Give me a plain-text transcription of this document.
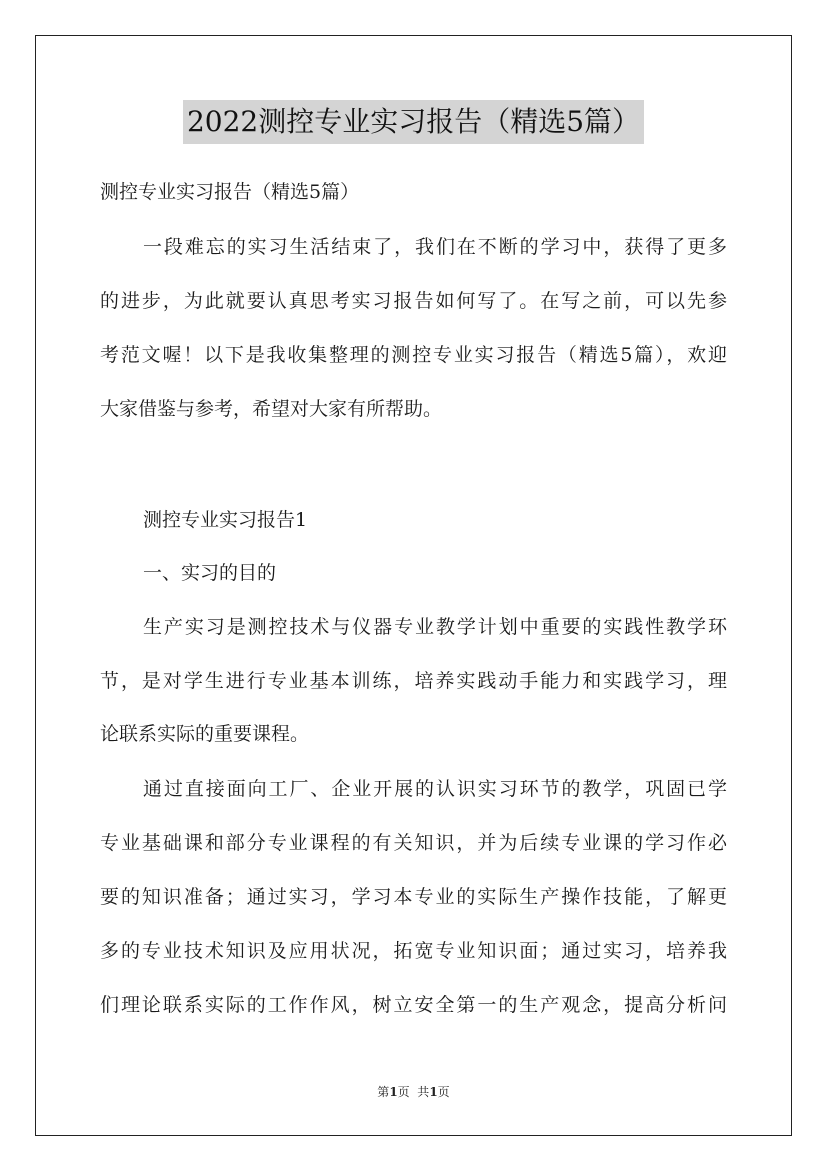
2022测控专业实习报告（精选5篇）
测控专业实习报告（精选5篇）
一段难忘的实习生活结束了，我们在不断的学习中，获得了更多
的进步，为此就要认真思考实习报告如何写了。在写之前，可以先参
考范文喔！以下是我收集整理的测控专业实习报告（精选5篇），欢迎
大家借鉴与参考，希望对大家有所帮助。
测控专业实习报告1
一、实习的目的
生产实习是测控技术与仪器专业教学计划中重要的实践性教学环
节，是对学生进行专业基本训练，培养实践动手能力和实践学习，理
论联系实际的重要课程。
通过直接面向工厂、企业开展的认识实习环节的教学，巩固已学
专业基础课和部分专业课程的有关知识，并为后续专业课的学习作必
要的知识准备；通过实习，学习本专业的实际生产操作技能，了解更
多的专业技术知识及应用状况，拓宽专业知识面；通过实习，培养我
们理论联系实际的工作作风，树立安全第一的生产观念，提高分析问
第1页  共1页
